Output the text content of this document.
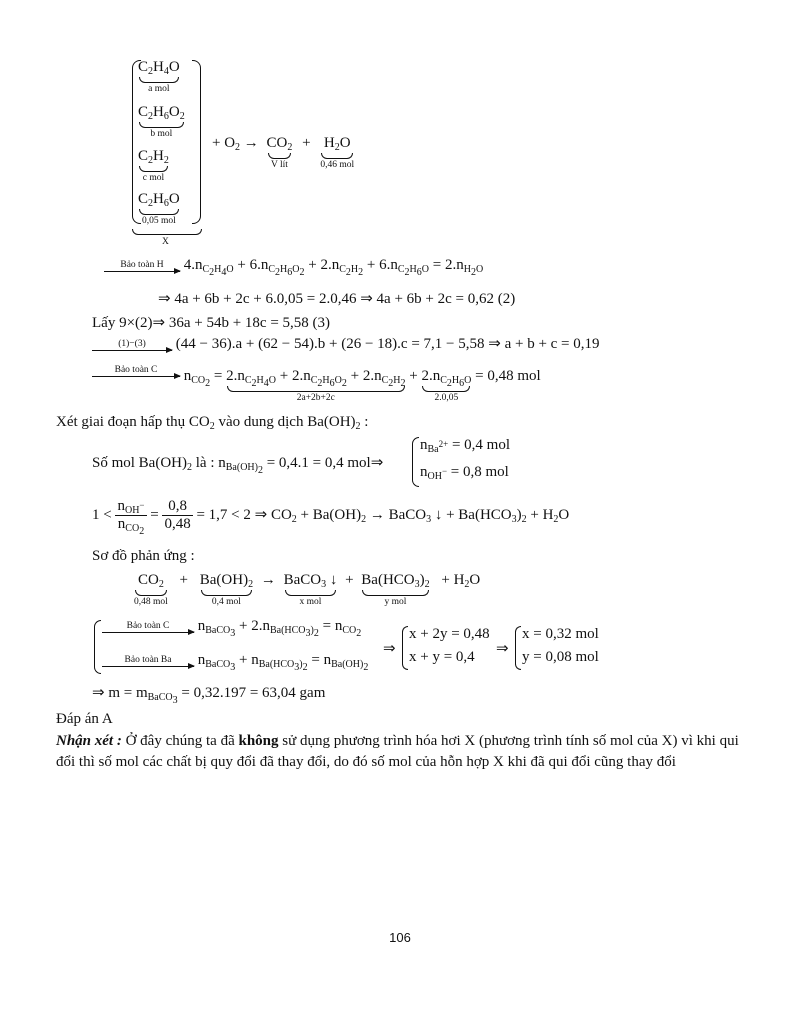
$C_2H_4O$
a mol
$C_2H_6O_2$
b mol
$C_2H_2$
c mol
$C_2H_6O$
0,05 mol
X
+ $O_2 \to CO_2$
V lít
+ $H_2O$
0,46 mol
Bảo toàn H	$4.n_{C_2H_4O} + 6.n_{C_2H_6O_2} + 2.n_{C_2H_2} + 6.n_{C_2H_6O} = 2.n_{H_2O}$
⇒ 4a + 6b + 2c + 6.0,05 = 2.0,46 ⇒ 4a + 6b + 2c = 0,62 (2)
Lấy 9×(2)⇒ 36a + 54b + 18c = 5,58 (3)
(1)−(3)	(44 − 36).a + (62 − 54).b + (26 − 18).c = 7,1 − 5,58 ⇒ a + b + c = 0,19
Bảo toàn C	$n_{CO_2} = 2.n_{C_2H_4O} + 2.n_{C_2H_6O_2} + 2.n_{C_2H_2}$
2a+2b+2c
+ $2.n_{C_2H_6O}$
2.0,05
= 0,48 mol
Xét giai đoạn hấp thụ $CO_2$ vào dung dịch $Ba(OH)_2$ :
Số mol $Ba(OH)_2$ là : $n_{Ba(OH)_2} = 0,4.1 = 0,4$ mol⇒
$n_{Ba^{2+}} = 0,4$ mol
$n_{OH^-} = 0,8$ mol
$1 < \frac{n_{OH^-}}{n_{CO_2}} = \frac{0,8}{0,48} = 1,7 < 2$ ⇒ $CO_2 + Ba(OH)_2$ → BaCO$_3$ ↓ + $Ba(HCO_3)_2 + H_2O$
Sơ đồ phản ứng :
$CO_2$
0,48 mol
+ $Ba(OH)_2$
0,4 mol
→ BaCO$_3$ ↓
x mol
+ $Ba(HCO_3)_2$
y mol
+ $H_2O$
Bảo toàn C	$n_{BaCO_3} + 2.n_{Ba(HCO_3)_2} = n_{CO_2}$
Bảo toàn Ba	$n_{BaCO_3} + n_{Ba(HCO_3)_2} = n_{Ba(OH)_2}$
⇒
x + 2y = 0,48
x + y = 0,4 ⇒
x = 0,32 mol
y = 0,08 mol
⇒ $m = m_{BaCO_3} = 0,32.197 = 63,04$ gam
Đáp án A
Nhận xét : Ở đây chúng ta đã không sử dụng phương trình hóa hơi X (phương trình tính số mol của X) vì khi qui đổi thì số mol các chất bị quy đổi đã thay đổi, do đó số mol của hỗn hợp X khi đã qui đổi cũng thay đổi
106
